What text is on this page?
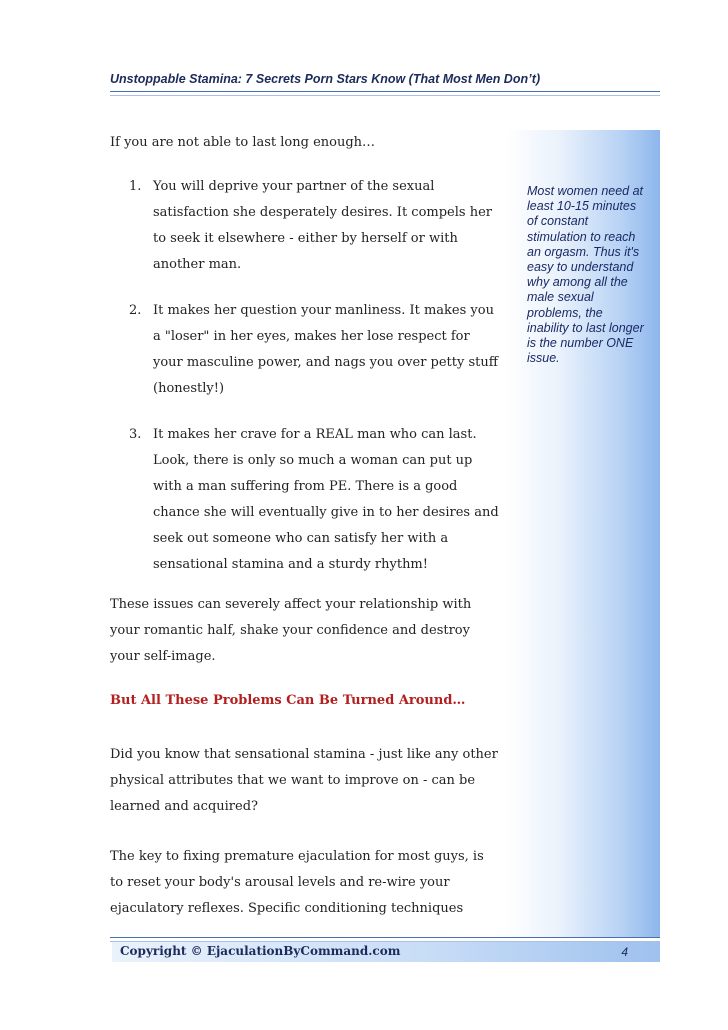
Unstoppable Stamina: 7 Secrets Porn Stars Know (That Most Men Don’t)
Most women need at least 10-15 minutes of constant stimulation to reach an orgasm. Thus it's easy to understand why among all the male sexual problems, the inability to last longer is the number ONE issue.
If you are not able to last long enough…
1. You will deprive your partner of the sexual satisfaction she desperately desires. It compels her to seek it elsewhere - either by herself or with another man.
2. It makes her question your manliness. It makes you a "loser" in her eyes, makes her lose respect for your masculine power, and nags you over petty stuff (honestly!)
3. It makes her crave for a REAL man who can last. Look, there is only so much a woman can put up with a man suffering from PE. There is a good chance she will eventually give in to her desires and seek out someone who can satisfy her with a sensational stamina and a sturdy rhythm!
These issues can severely affect your relationship with your romantic half, shake your confidence and destroy your self-image.
But All These Problems Can Be Turned Around…
Did you know that sensational stamina - just like any other physical attributes that we want to improve on - can be learned and acquired?
The key to fixing premature ejaculation for most guys, is to reset your body's arousal levels and re-wire your ejaculatory reflexes. Specific conditioning techniques
Copyright © EjaculationByCommand.com	4
